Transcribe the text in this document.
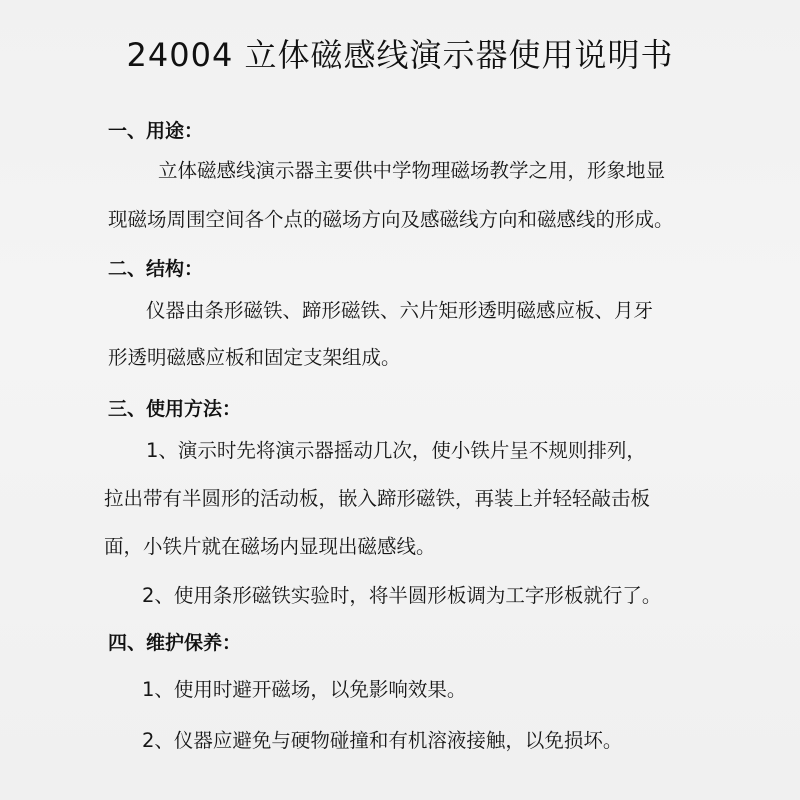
24004 立体磁感线演示器使用说明书
一、用途：

立体磁感线演示器主要供中学物理磁场教学之用，形象地显

现磁场周围空间各个点的磁场方向及感磁线方向和磁感线的形成。

二、结构：

仪器由条形磁铁、蹄形磁铁、六片矩形透明磁感应板、月牙

形透明磁感应板和固定支架组成。

三、使用方法：

1、演示时先将演示器摇动几次，使小铁片呈不规则排列，

拉出带有半圆形的活动板，嵌入蹄形磁铁，再装上并轻轻敲击板

面，小铁片就在磁场内显现出磁感线。

2、使用条形磁铁实验时，将半圆形板调为工字形板就行了。

四、维护保养：

1、使用时避开磁场，以免影响效果。

2、仪器应避免与硬物碰撞和有机溶液接触，以免损坏。
